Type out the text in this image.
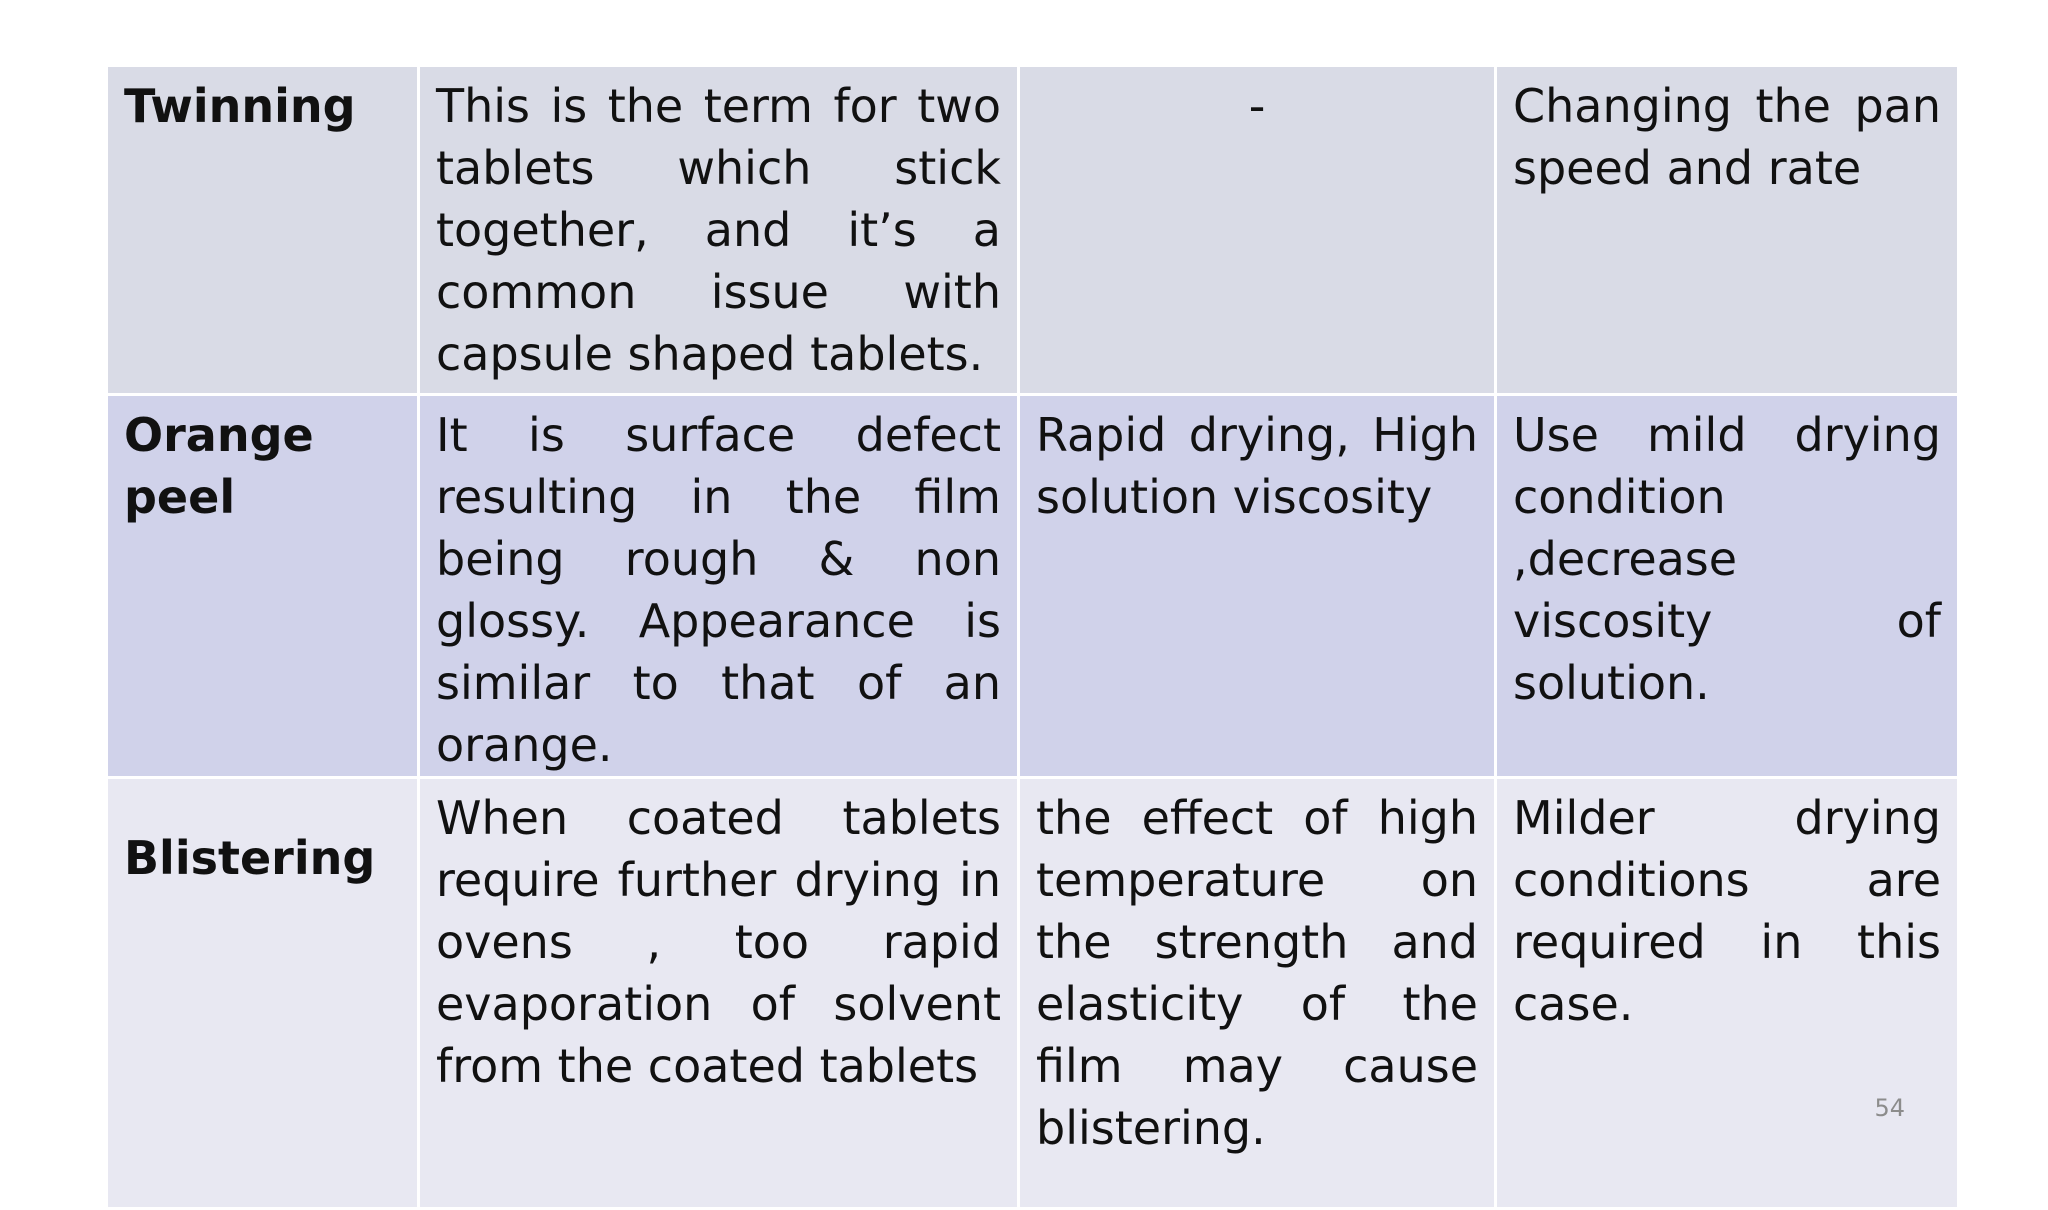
Twinning	This is the term for two tablets which stick together, and it’s a common issue with capsule shaped tablets.	-	Changing the pan speed and rate
Orange peel	It is surface defect resulting in the film being rough & non glossy. Appearance is similar to that of an orange.	Rapid drying, High solution viscosity	Use mild drying condition ,decrease viscosity of solution.
Blistering	When coated tablets require further drying in ovens , too rapid evaporation of solvent from the coated tablets	the effect of high temperature on the strength and elasticity of the film may cause blistering.	Milder drying conditions are required in this case.
54
